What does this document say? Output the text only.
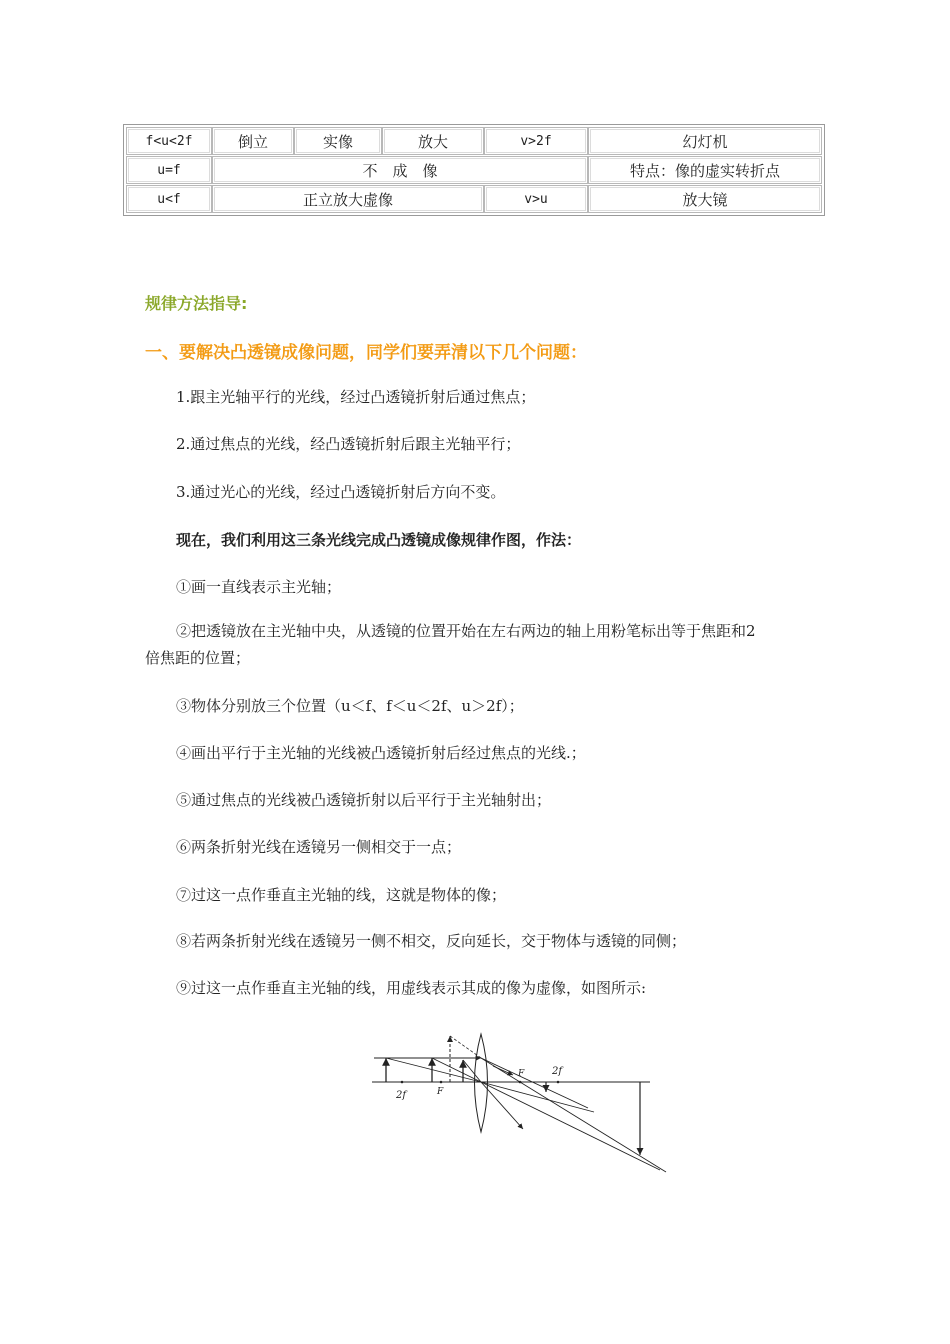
f<u<2f	倒立	实像	放大	v>2f	幻灯机
u=f	不　成　像	特点：像的虚实转折点
u<f	正立放大虚像	v>u	放大镜
规律方法指导:
一、要解决凸透镜成像问题，同学们要弄清以下几个问题：
1.跟主光轴平行的光线，经过凸透镜折射后通过焦点；
2.通过焦点的光线，经凸透镜折射后跟主光轴平行；
3.通过光心的光线，经过凸透镜折射后方向不变。
现在，我们利用这三条光线完成凸透镜成像规律作图，作法：
①画一直线表示主光轴；
②把透镜放在主光轴中央，从透镜的位置开始在左右两边的轴上用粉笔标出等于焦距和2倍焦距的位置；
③物体分别放三个位置（u＜f、f＜u＜2f、u＞2f）；
④画出平行于主光轴的光线被凸透镜折射后经过焦点的光线.；
⑤通过焦点的光线被凸透镜折射以后平行于主光轴射出；
⑥两条折射光线在透镜另一侧相交于一点；
⑦过这一点作垂直主光轴的线，这就是物体的像；
⑧若两条折射光线在透镜另一侧不相交，反向延长，交于物体与透镜的同侧；
⑨过这一点作垂直主光轴的线，用虚线表示其成的像为虚像，如图所示:
2f	F
F	2f
